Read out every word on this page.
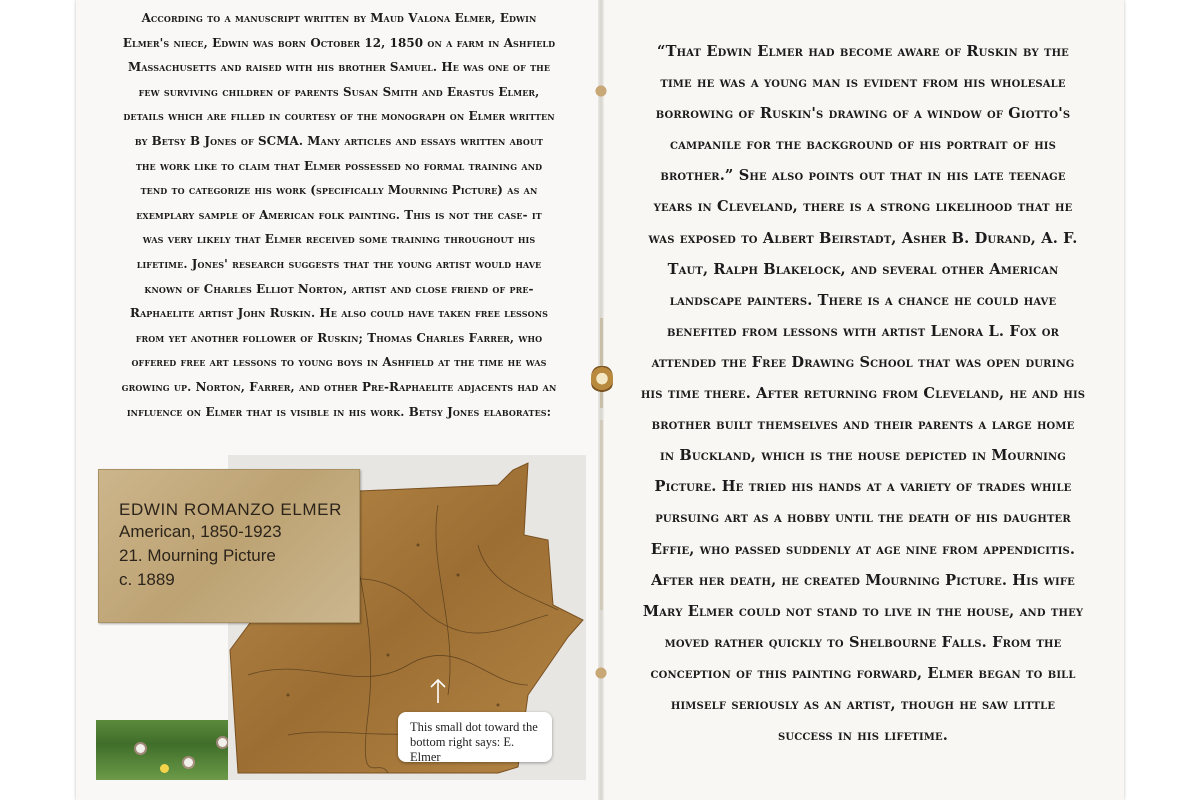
According to a manuscript written by Maud Valona Elmer, Edwin
Elmer's niece, Edwin was born October 12, 1850 on a farm in Ashfield
Massachusetts and raised with his brother Samuel. He was one of the
few surviving children of parents Susan Smith and Erastus Elmer,
details which are filled in courtesy of the monograph on Elmer written
by Betsy B Jones of SCMA. Many articles and essays written about
the work like to claim that Elmer possessed no formal training and
tend to categorize his work (specifically Mourning Picture) as an
exemplary sample of American folk painting. This is not the case- it
was very likely that Elmer received some training throughout his
lifetime. Jones' research suggests that the young artist would have
known of Charles Elliot Norton, artist and close friend of pre-
Raphaelite artist John Ruskin. He also could have taken free lessons
from yet another follower of Ruskin; Thomas Charles Farrer, who
offered free art lessons to young boys in Ashfield at the time he was
growing up. Norton, Farrer, and other Pre-Raphaelite adjacents had an
influence on Elmer that is visible in his work. Betsy Jones elaborates:
EDWIN ROMANZO ELMER
American, 1850-1923
21. Mourning Picture
c. 1889
This small dot toward the
bottom right says: E. Elmer
“That Edwin Elmer had become aware of Ruskin by the
time he was a young man is evident from his wholesale
borrowing of Ruskin's drawing of a window of Giotto's
campanile for the background of his portrait of his
brother.” She also points out that in his late teenage
years in Cleveland, there is a strong likelihood that he
was exposed to Albert Beirstadt, Asher B. Durand, A. F.
Taut, Ralph Blakelock, and several other American
landscape painters. There is a chance he could have
benefited from lessons with artist Lenora L. Fox or
attended the Free Drawing School that was open during
his time there. After returning from Cleveland, he and his
brother built themselves and their parents a large home
in Buckland, which is the house depicted in Mourning
Picture. He tried his hands at a variety of trades while
pursuing art as a hobby until the death of his daughter
Effie, who passed suddenly at age nine from appendicitis.
After her death, he created Mourning Picture. His wife
Mary Elmer could not stand to live in the house, and they
moved rather quickly to Shelbourne Falls. From the
conception of this painting forward, Elmer began to bill
himself seriously as an artist, though he saw little
success in his lifetime.
